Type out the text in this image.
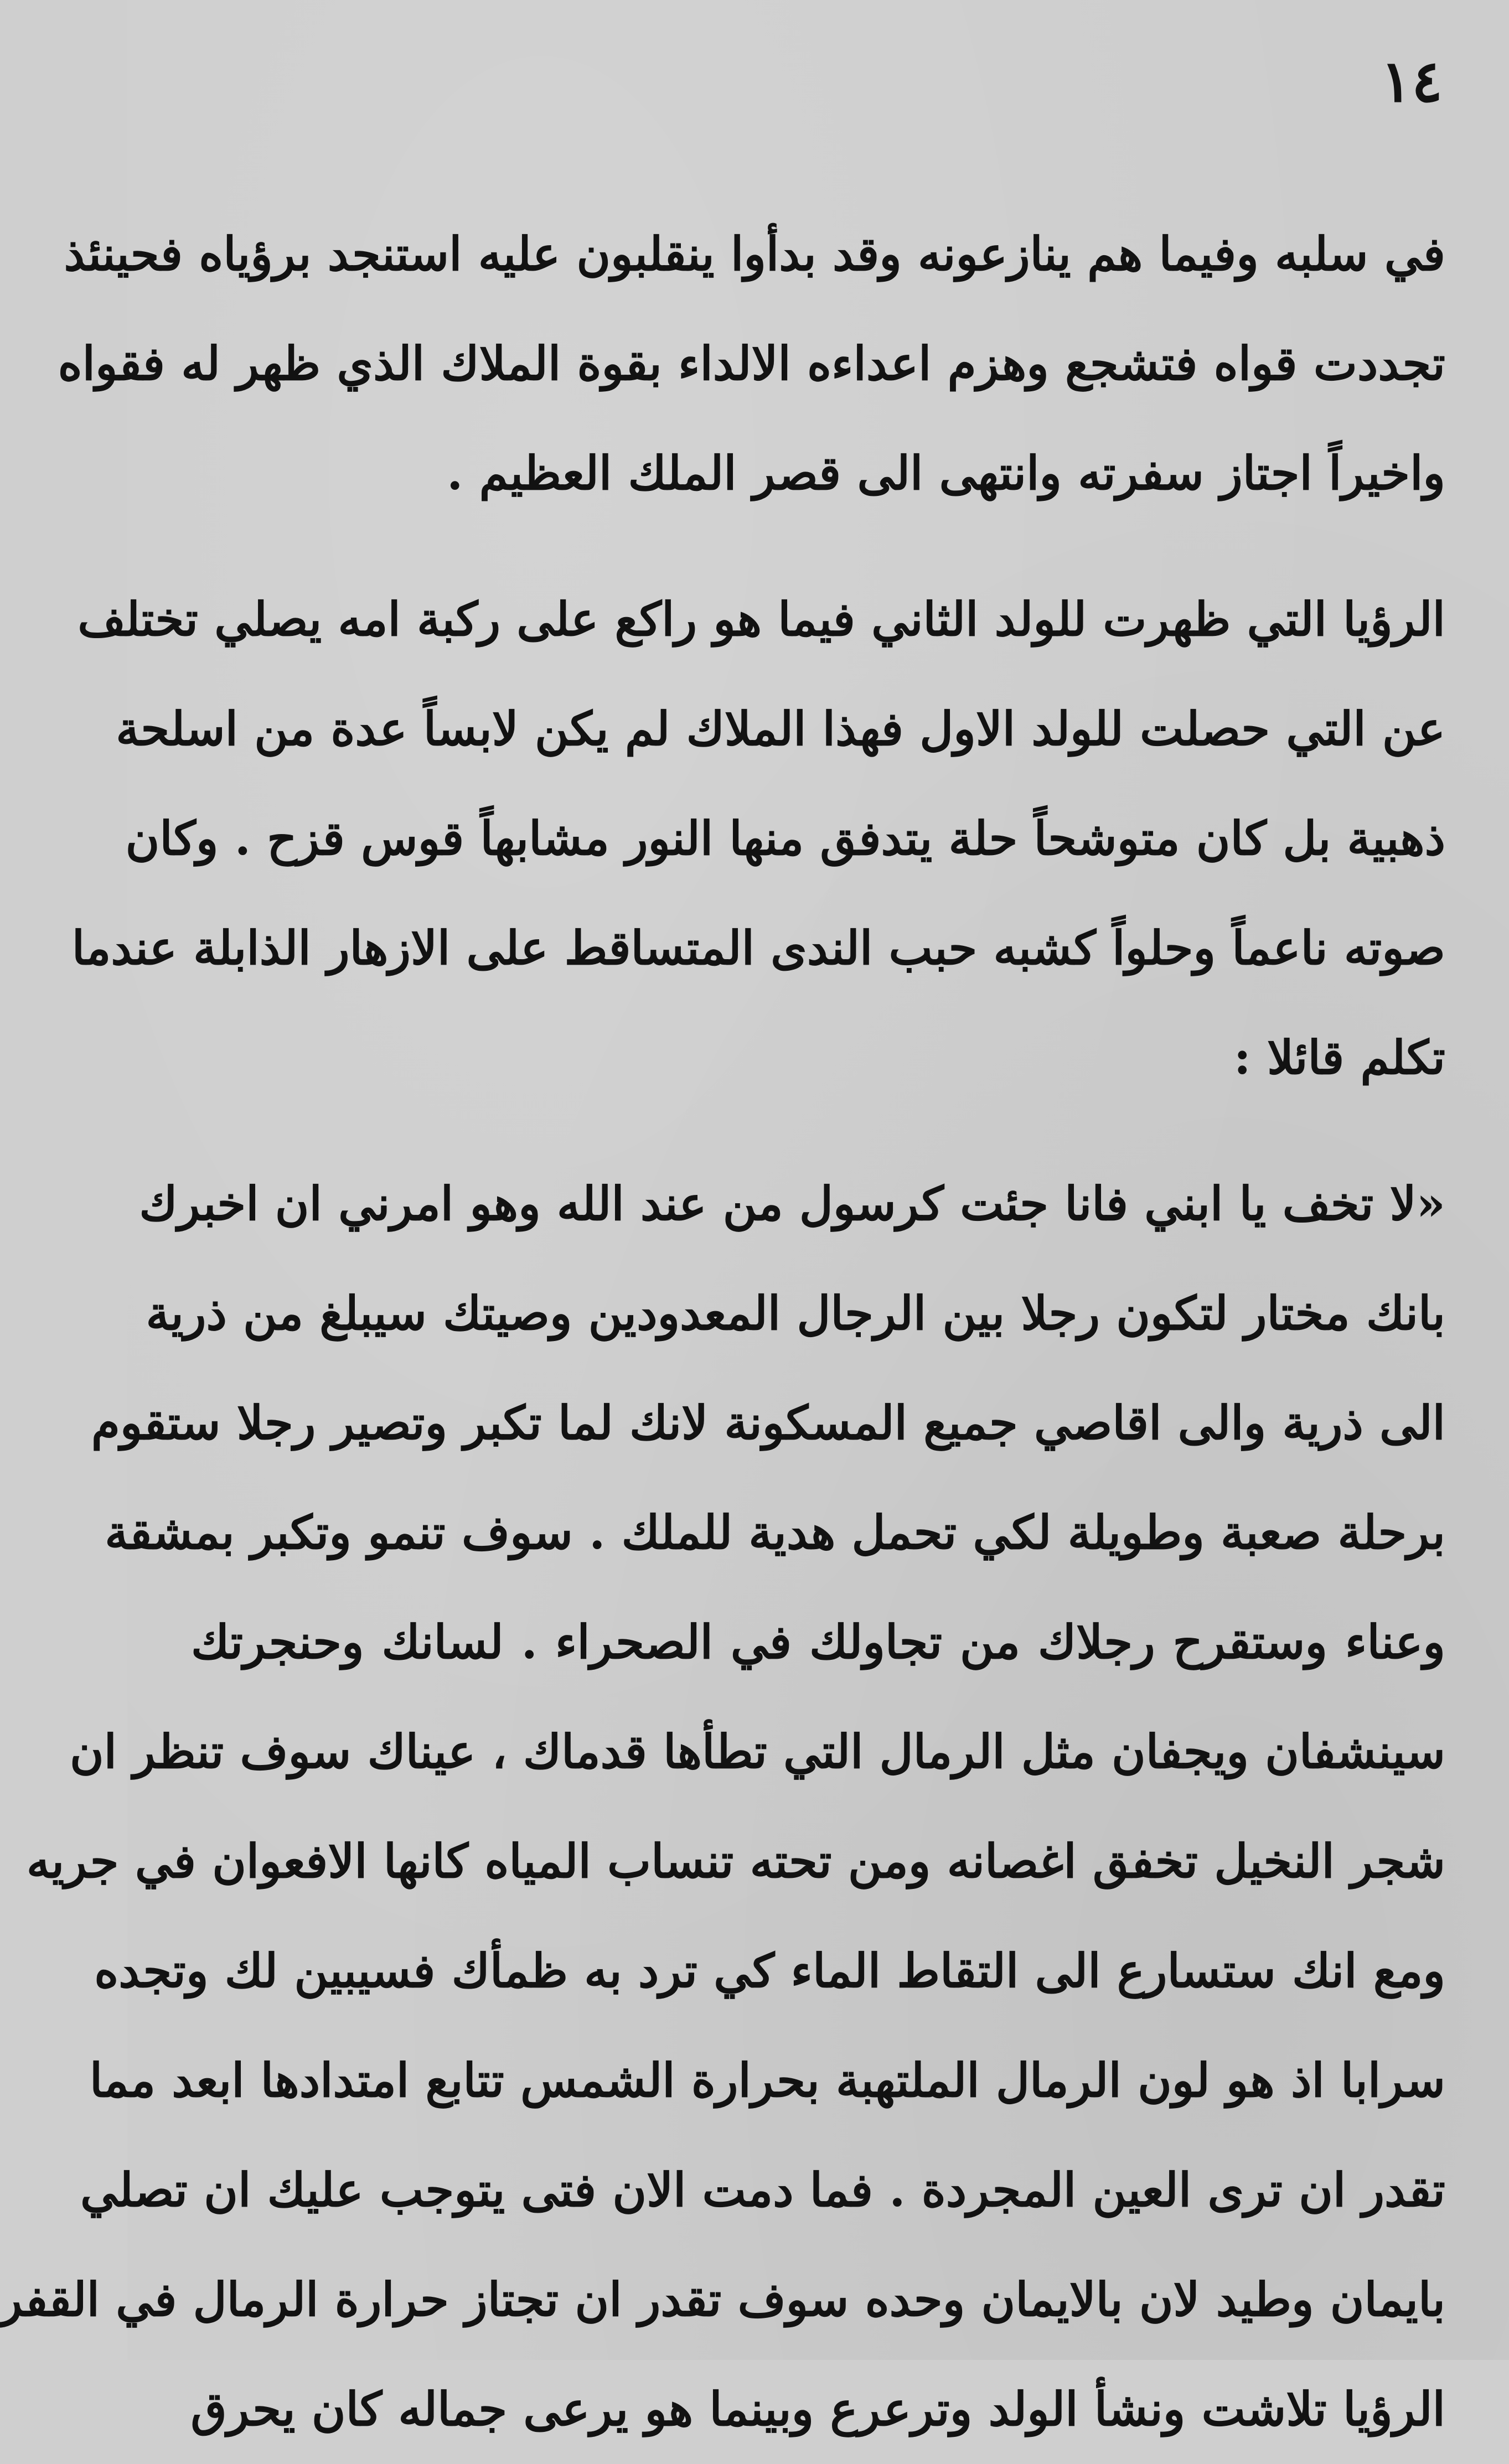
١٤
في سلبه وفيما هم ينازعونه وقد بدأوا ينقلبون عليه استنجد برؤياه فحينئذ
تجددت قواه فتشجع وهزم اعداءه الالداء بقوة الملاك الذي ظهر له فقواه
واخيراً اجتاز سفرته وانتهى الى قصر الملك العظيم .
الرؤيا التي ظهرت للولد الثاني فيما هو راكع على ركبة امه يصلي تختلف
عن التي حصلت للولد الاول فهذا الملاك لم يكن لابساً عدة من اسلحة
ذهبية بل كان متوشحاً حلة يتدفق منها النور مشابهاً قوس قزح . وكان
صوته ناعماً وحلواً كشبه حبب الندى المتساقط على الازهار الذابلة عندما
تكلم قائلا :
«لا تخف يا ابني فانا جئت كرسول من عند الله وهو امرني ان اخبرك
بانك مختار لتكون رجلا بين الرجال المعدودين وصيتك سيبلغ من ذرية
الى ذرية والى اقاصي جميع المسكونة لانك لما تكبر وتصير رجلا ستقوم
برحلة صعبة وطويلة لكي تحمل هدية للملك . سوف تنمو وتكبر بمشقة
وعناء وستقرح رجلاك من تجاولك في الصحراء . لسانك وحنجرتك
سينشفان ويجفان مثل الرمال التي تطأها قدماك ، عيناك سوف تنظر ان
شجر النخيل تخفق اغصانه ومن تحته تنساب المياه كانها الافعوان في جريه
ومع انك ستسارع الى التقاط الماء كي ترد به ظمأك فسيبين لك وتجده
سرابا اذ هو لون الرمال الملتهبة بحرارة الشمس تتابع امتدادها ابعد مما
تقدر ان ترى العين المجردة . فما دمت الان فتى يتوجب عليك ان تصلي
بايمان وطيد لان بالايمان وحده سوف تقدر ان تجتاز حرارة الرمال في القفر
الرؤيا تلاشت ونشأ الولد وترعرع وبينما هو يرعى جماله كان يحرق
